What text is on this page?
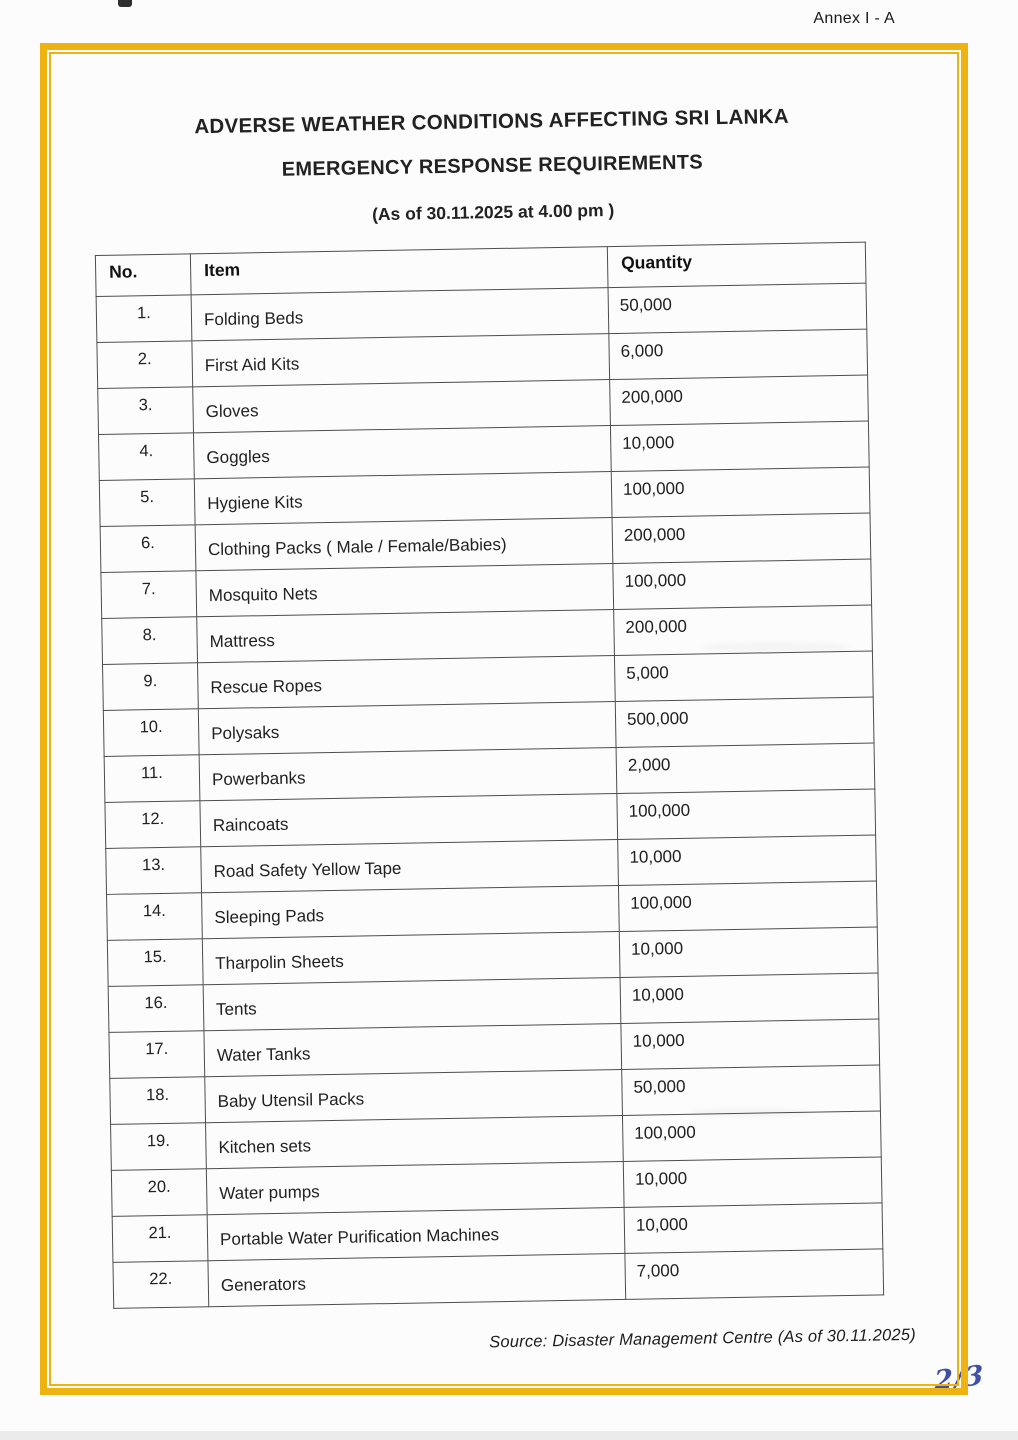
Annex I - A
2/3
ADVERSE WEATHER CONDITIONS AFFECTING SRI LANKA
EMERGENCY RESPONSE REQUIREMENTS
(As of 30.11.2025 at 4.00 pm )
No.	Item	Quantity
1.	Folding Beds	50,000
2.	First Aid Kits	6,000
3.	Gloves	200,000
4.	Goggles	10,000
5.	Hygiene Kits	100,000
6.	Clothing Packs ( Male / Female/Babies)	200,000
7.	Mosquito Nets	100,000
8.	Mattress	200,000
9.	Rescue Ropes	5,000
10.	Polysaks	500,000
11.	Powerbanks	2,000
12.	Raincoats	100,000
13.	Road Safety Yellow Tape	10,000
14.	Sleeping Pads	100,000
15.	Tharpolin Sheets	10,000
16.	Tents	10,000
17.	Water Tanks	10,000
18.	Baby Utensil Packs	50,000
19.	Kitchen sets	100,000
20.	Water pumps	10,000
21.	Portable Water Purification Machines	10,000
22.	Generators	7,000
Source: Disaster Management Centre (As of 30.11.2025)
